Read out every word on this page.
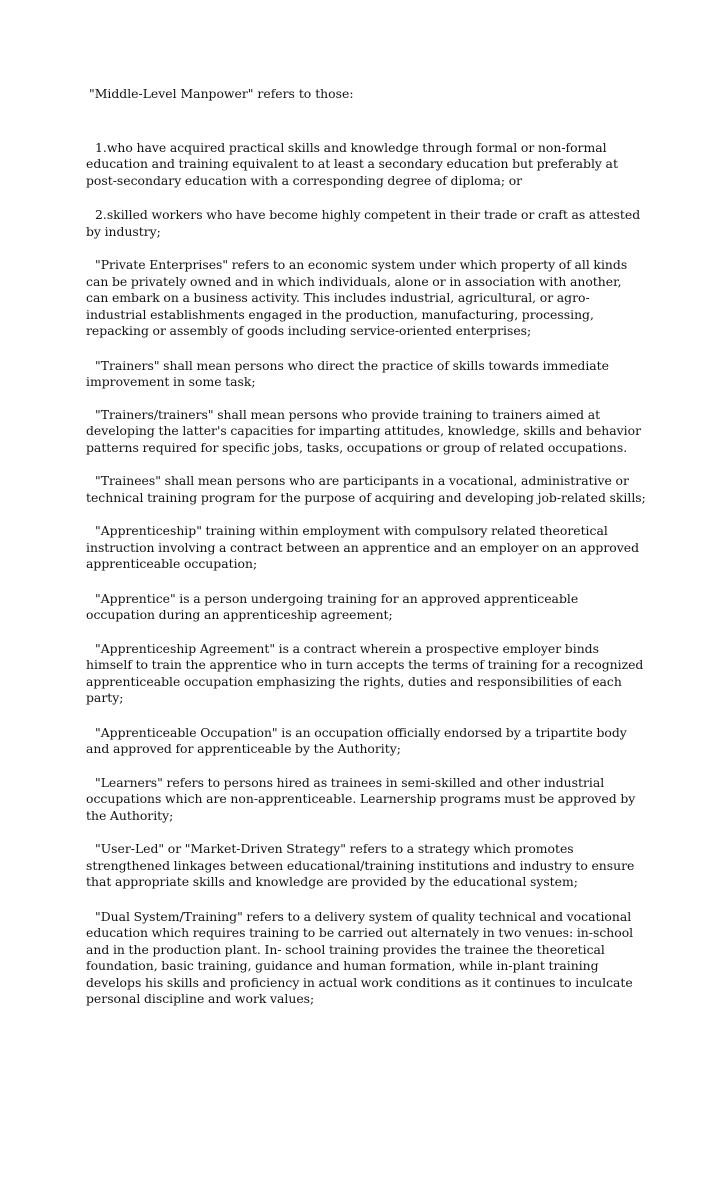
"Middle-Level Manpower" refers to those:

1.who have acquired practical skills and knowledge through formal or non-formal education and training equivalent to at least a secondary education but preferably at post-secondary education with a corresponding degree of diploma; or

2.skilled workers who have become highly competent in their trade or craft as attested by industry;

"Private Enterprises" refers to an economic system under which property of all kinds can be privately owned and in which individuals, alone or in association with another, can embark on a business activity. This includes industrial, agricultural, or agro-industrial establishments engaged in the production, manufacturing, processing, repacking or assembly of goods including service-oriented enterprises;

"Trainers" shall mean persons who direct the practice of skills towards immediate improvement in some task;

"Trainers/trainers" shall mean persons who provide training to trainers aimed at developing the latter's capacities for imparting attitudes, knowledge, skills and behavior patterns required for specific jobs, tasks, occupations or group of related occupations.

"Trainees" shall mean persons who are participants in a vocational, administrative or technical training program for the purpose of acquiring and developing job-related skills;

"Apprenticeship" training within employment with compulsory related theoretical instruction involving a contract between an apprentice and an employer on an approved apprenticeable occupation;

"Apprentice" is a person undergoing training for an approved apprenticeable occupation during an apprenticeship agreement;

"Apprenticeship Agreement" is a contract wherein a prospective employer binds himself to train the apprentice who in turn accepts the terms of training for a recognized apprenticeable occupation emphasizing the rights, duties and responsibilities of each party;

"Apprenticeable Occupation" is an occupation officially endorsed by a tripartite body and approved for apprenticeable by the Authority;

"Learners" refers to persons hired as trainees in semi-skilled and other industrial occupations which are non-apprenticeable. Learnership programs must be approved by the Authority;

"User-Led" or "Market-Driven Strategy" refers to a strategy which promotes strengthened linkages between educational/training institutions and industry to ensure that appropriate skills and knowledge are provided by the educational system;

"Dual System/Training" refers to a delivery system of quality technical and vocational education which requires training to be carried out alternately in two venues: in-school and in the production plant. In- school training provides the trainee the theoretical foundation, basic training, guidance and human formation, while in-plant training develops his skills and proficiency in actual work conditions as it continues to inculcate personal discipline and work values;
